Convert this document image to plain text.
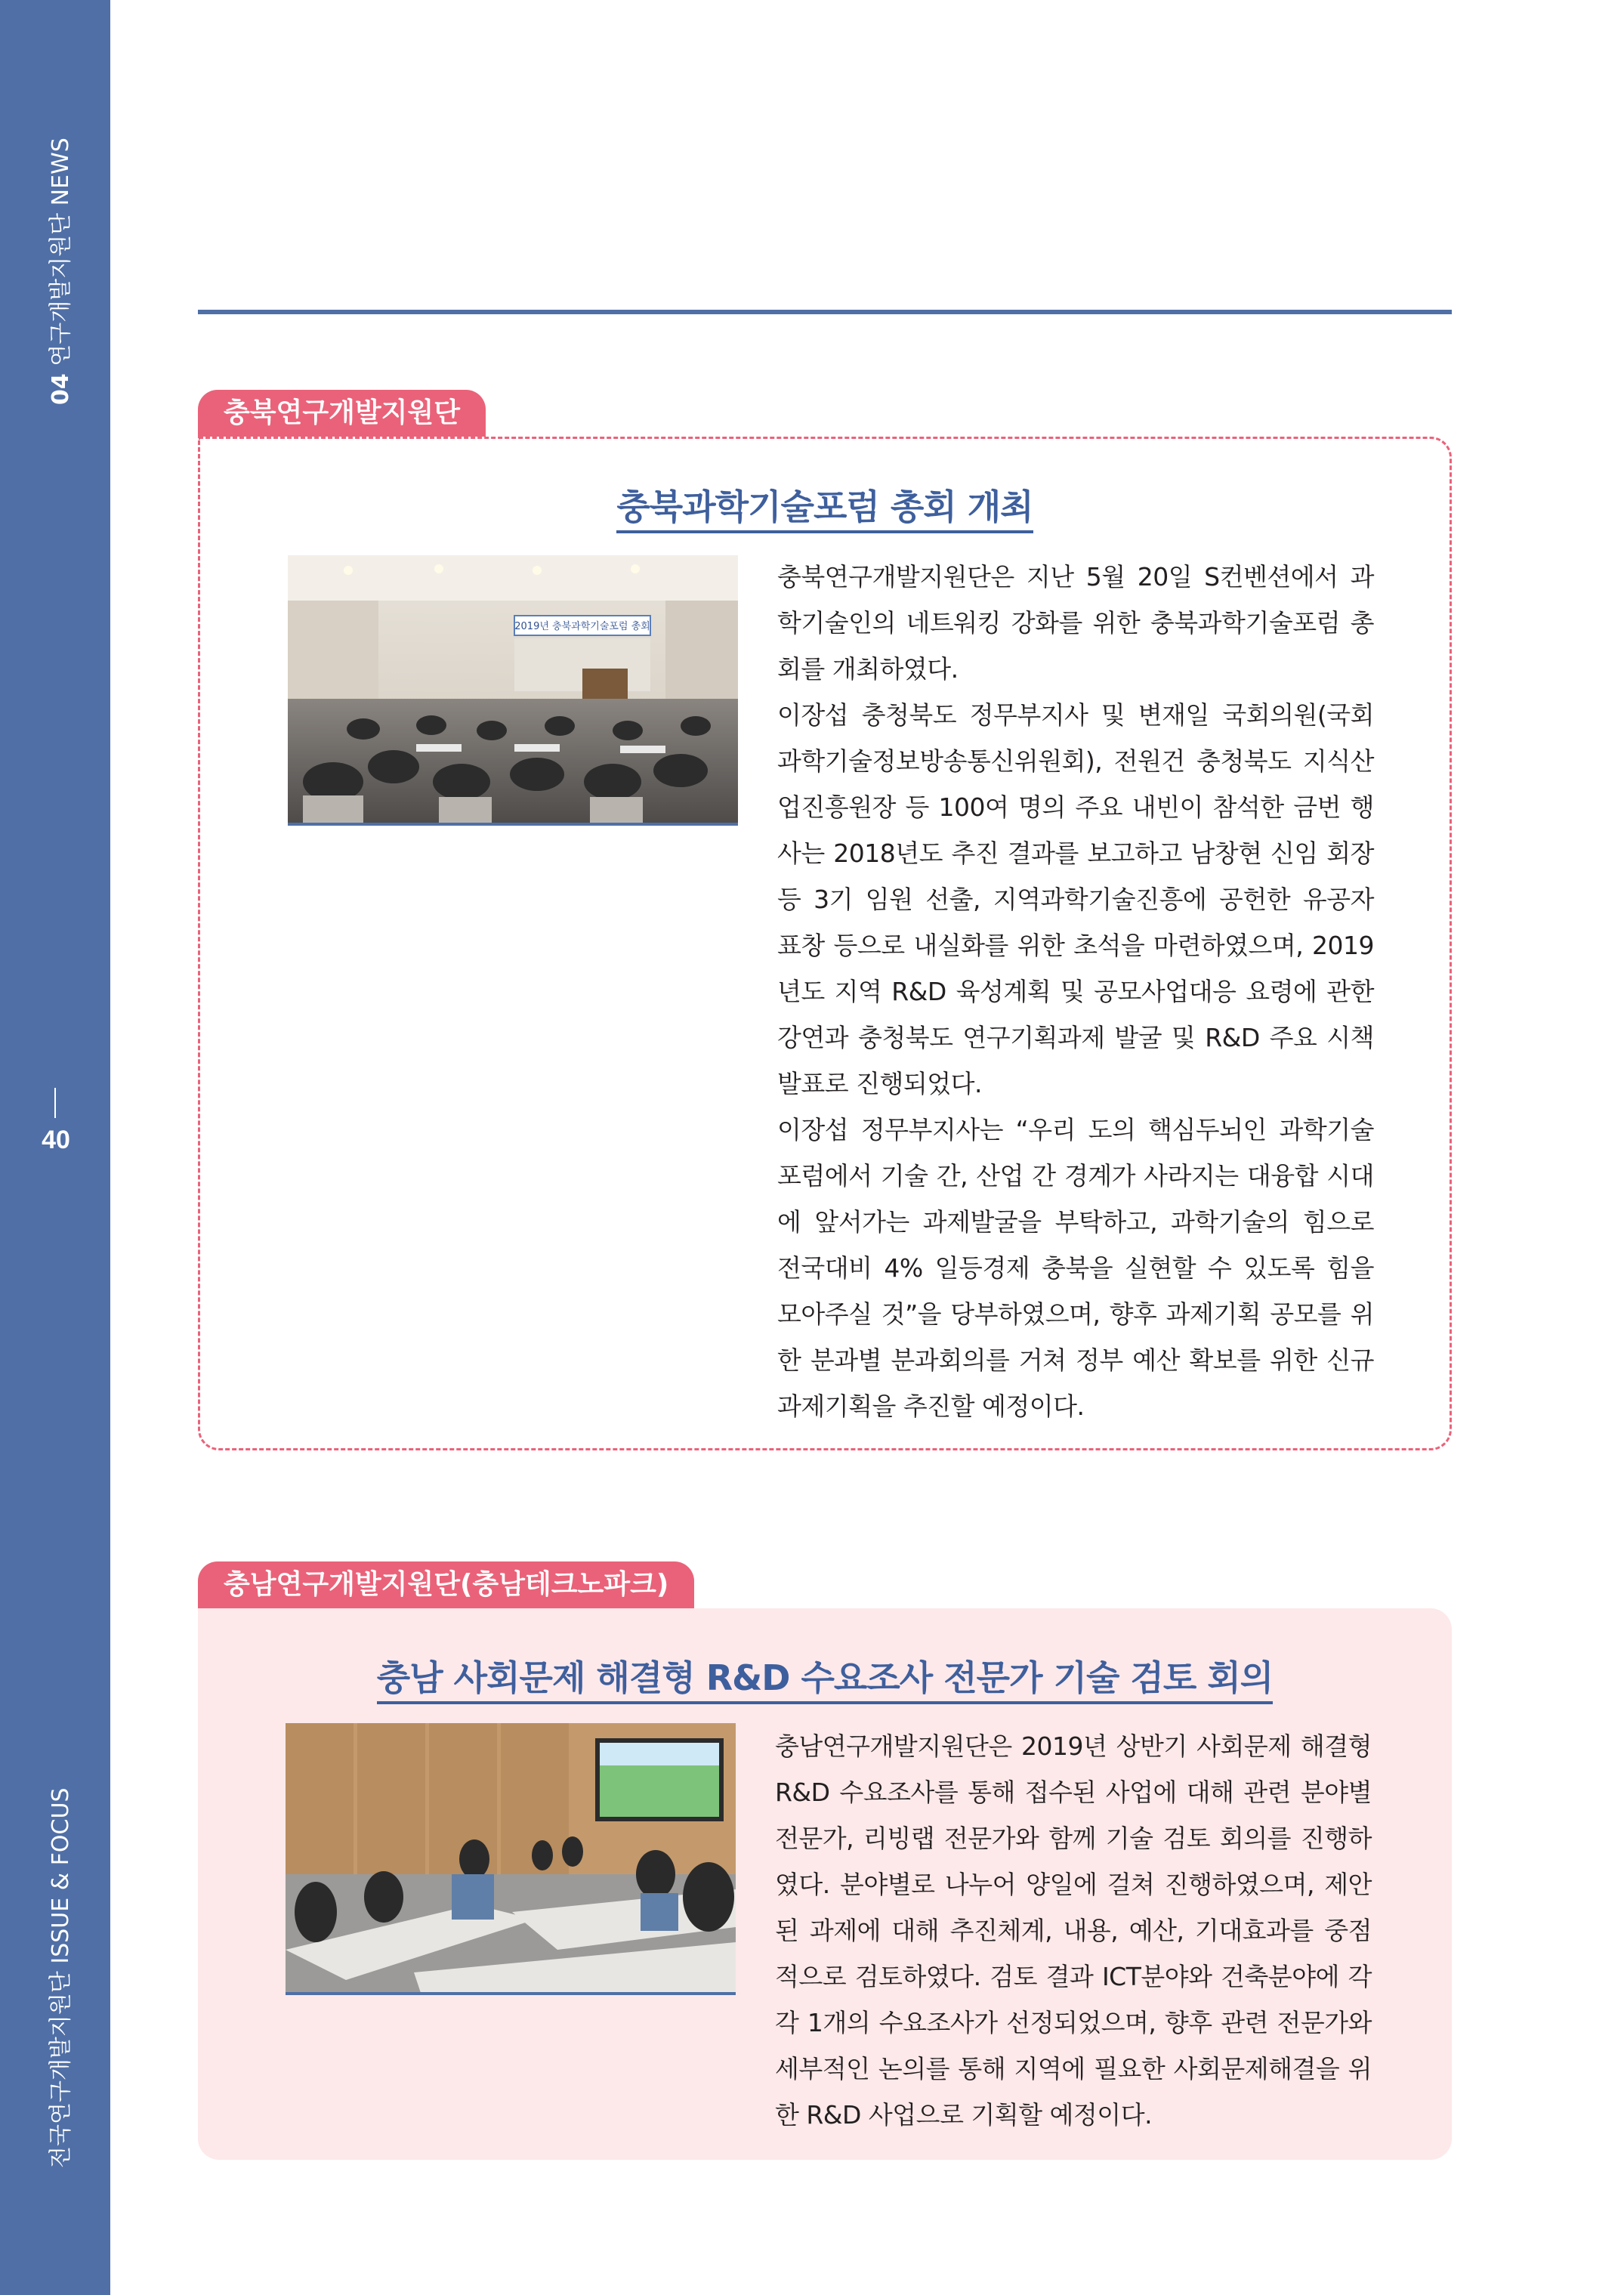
04 연구개발지원단 NEWS
40
전국연구개발지원단 ISSUE & FOCUS
충북연구개발지원단
충북과학기술포럼 총회 개최
2019년 충북과학기술포럼 총회

충북연구개발지원단은 지난 5월 20일 S컨벤션에서 과학기술인의 네트워킹 강화를 위한 충북과학기술포럼 총회를 개최하였다.

이장섭 충청북도 정무부지사 및 변재일 국회의원(국회 과학기술정보방송통신위원회), 전원건 충청북도 지식산업진흥원장 등 100여 명의 주요 내빈이 참석한 금번 행사는 2018년도 추진 결과를 보고하고 남창현 신임 회장 등 3기 임원 선출, 지역과학기술진흥에 공헌한 유공자 표창 등으로 내실화를 위한 초석을 마련하였으며, 2019년도 지역 R&D 육성계획 및 공모사업대응 요령에 관한 강연과 충청북도 연구기획과제 발굴 및 R&D 주요 시책 발표로 진행되었다.

이장섭 정무부지사는 “우리 도의 핵심두뇌인 과학기술 포럼에서 기술 간, 산업 간 경계가 사라지는 대융합 시대에 앞서가는 과제발굴을 부탁하고, 과학기술의 힘으로 전국대비 4% 일등경제 충북을 실현할 수 있도록 힘을 모아주실 것”을 당부하였으며, 향후 과제기획 공모를 위한 분과별 분과회의를 거쳐 정부 예산 확보를 위한 신규 과제기획을 추진할 예정이다.

충남연구개발지원단(충남테크노파크)
충남 사회문제 해결형 R&D 수요조사 전문가 기술 검토 회의

충남연구개발지원단은 2019년 상반기 사회문제 해결형 R&D 수요조사를 통해 접수된 사업에 대해 관련 분야별 전문가, 리빙랩 전문가와 함께 기술 검토 회의를 진행하였다. 분야별로 나누어 양일에 걸쳐 진행하였으며, 제안된 과제에 대해 추진체계, 내용, 예산, 기대효과를 중점적으로 검토하였다. 검토 결과 ICT분야와 건축분야에 각각 1개의 수요조사가 선정되었으며, 향후 관련 전문가와 세부적인 논의를 통해 지역에 필요한 사회문제해결을 위한 R&D 사업으로 기획할 예정이다.
